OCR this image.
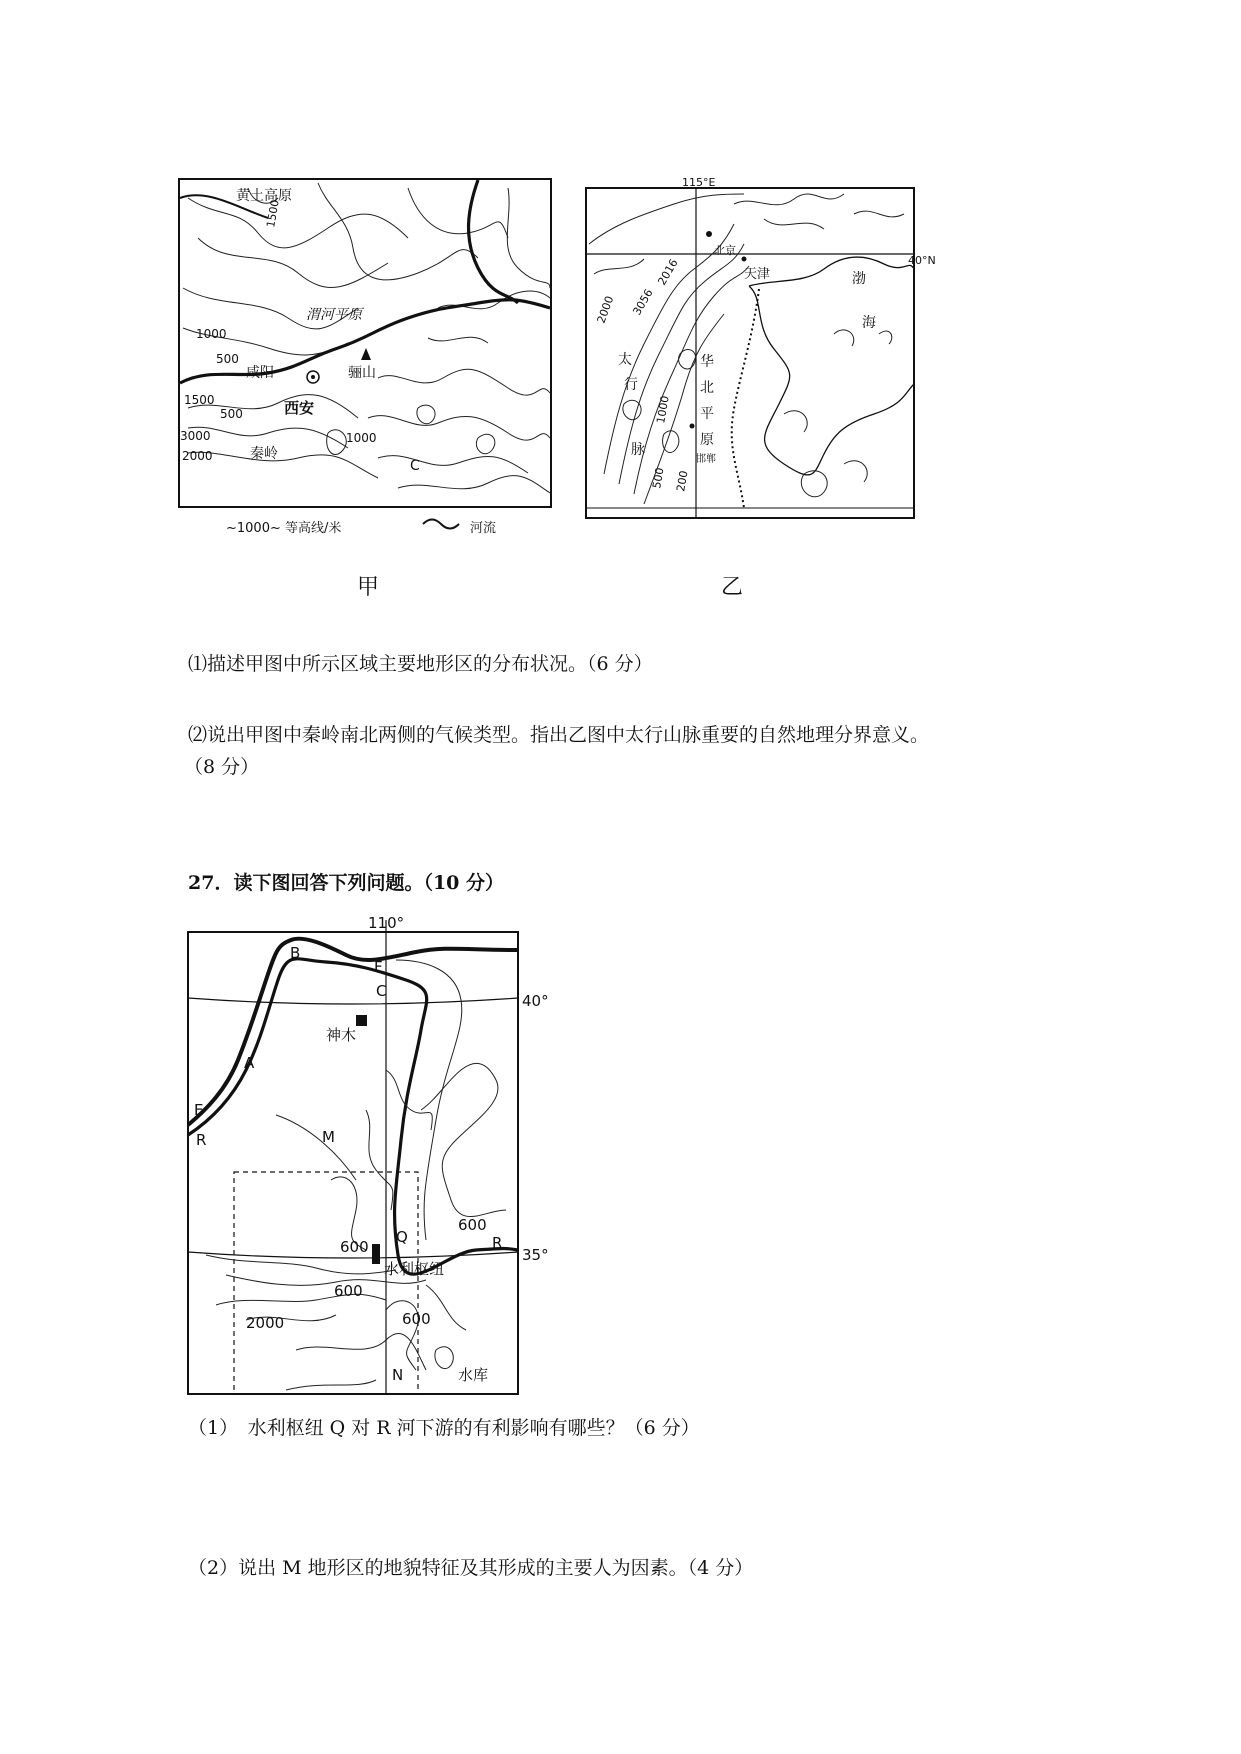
黄土高原
1500
渭河平原
1000
500
咸阳	骊山
1500
500	西安
3000
2000	秦岭
1000
C
~1000~ 等高线/米	河流
甲
115°E
40°N
北京
天津	渤
海
2000
2016
3056
太
行
脉
1000
500 200
华
北
平
原
邯郸
乙
⑴描述甲图中所示区域主要地形区的分布状况。（6 分）
⑵说出甲图中秦岭南北两侧的气候类型。指出乙图中太行山脉重要的自然地理分界意义。
（8 分）
27．读下图回答下列问题。（10 分）
110°
40°
35°
B
F
C
神木
A
E
R	M
600
R
600
Q
水利枢纽
600
600
2000
N	水库
（1）　水利枢纽 Q 对 R 河下游的有利影响有哪些？（6 分）
（2）说出 M 地形区的地貌特征及其形成的主要人为因素。（4 分）
